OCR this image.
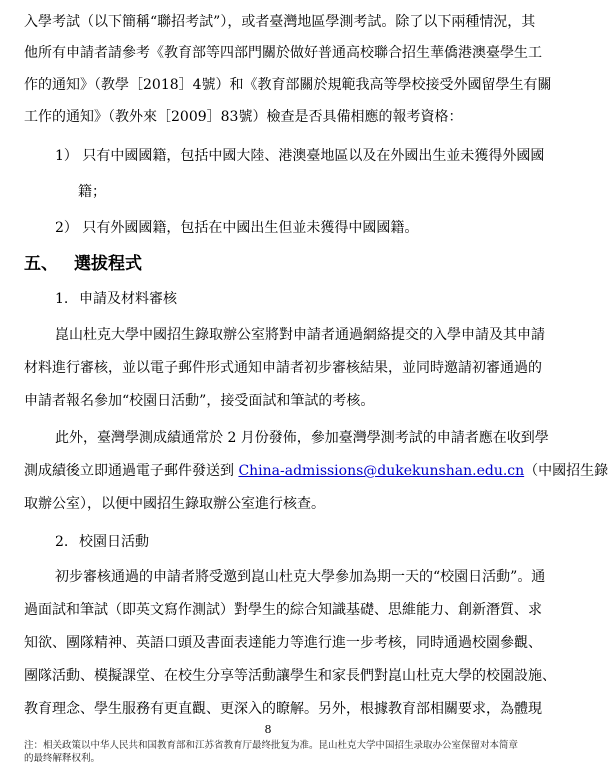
入學考試（以下簡稱“聯招考試”），或者臺灣地區學測考試。除了以下兩種情況，其
他所有申請者請參考《教育部等四部門關於做好普通高校聯合招生華僑港澳臺學生工
作的通知》（教學［2018］4號）和《教育部關於規範我高等學校接受外國留學生有關
工作的通知》（教外來［2009］83號）檢查是否具備相應的報考資格：
1） 只有中國國籍，包括中國大陸、港澳臺地區以及在外國出生並未獲得外國國
籍；
2） 只有外國國籍，包括在中國出生但並未獲得中國國籍。
五、 選拔程式
1. 申請及材料審核
崑山杜克大學中國招生錄取辦公室將對申請者通過網絡提交的入學申請及其申請
材料進行審核，並以電子郵件形式通知申請者初步審核結果，並同時邀請初審通過的
申請者報名參加“校園日活動”，接受面試和筆試的考核。
此外，臺灣學測成績通常於 2 月份發佈，參加臺灣學測考試的申請者應在收到學
測成績後立即通過電子郵件發送到 China-admissions@dukekunshan.edu.cn（中國招生錄
取辦公室），以便中國招生錄取辦公室進行核查。
2. 校園日活動
初步審核通過的申請者將受邀到崑山杜克大學參加為期一天的“校園日活動”。通
過面試和筆試（即英文寫作測試）對學生的綜合知識基礎、思維能力、創新潛質、求
知欲、團隊精神、英語口頭及書面表達能力等進行進一步考核，同時通過校園參觀、
團隊活動、模擬課堂、在校生分享等活動讓學生和家長們對崑山杜克大學的校園設施、
教育理念、學生服務有更直觀、更深入的瞭解。另外，根據教育部相關要求，為體現
8
注：相关政策以中华人民共和国教育部和江苏省教育厅最终批复为准。昆山杜克大学中国招生录取办公室保留对本简章的最终解释权利。
